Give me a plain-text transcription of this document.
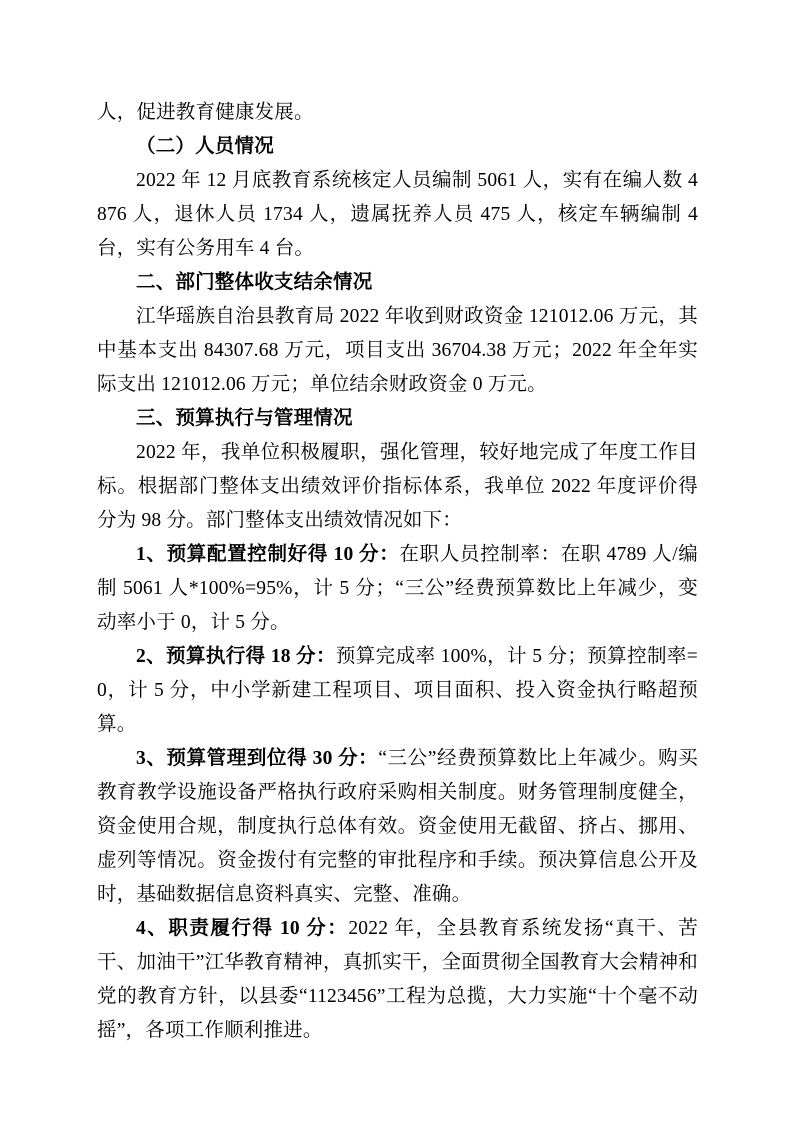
人，促进教育健康发展。

（二）人员情况

2022 年 12 月底教育系统核定人员编制 5061 人，实有在编人数 4876 人，退休人员 1734 人，遗属抚养人员 475 人，核定车辆编制 4 台，实有公务用车 4 台。

二、部门整体收支结余情况

江华瑶族自治县教育局 2022 年收到财政资金 121012.06 万元，其中基本支出 84307.68 万元，项目支出 36704.38 万元；2022 年全年实际支出 121012.06 万元；单位结余财政资金 0 万元。

三、预算执行与管理情况

2022 年，我单位积极履职，强化管理，较好地完成了年度工作目标。根据部门整体支出绩效评价指标体系，我单位 2022 年度评价得分为 98 分。部门整体支出绩效情况如下：

1、预算配置控制好得 10 分：在职人员控制率：在职 4789 人/编制 5061 人*100%=95%，计 5 分；“三公”经费预算数比上年减少，变动率小于 0，计 5 分。

2、预算执行得 18 分：预算完成率 100%，计 5 分；预算控制率=0，计 5 分，中小学新建工程项目、项目面积、投入资金执行略超预算。

3、预算管理到位得 30 分：“三公”经费预算数比上年减少。购买教育教学设施设备严格执行政府采购相关制度。财务管理制度健全，资金使用合规，制度执行总体有效。资金使用无截留、挤占、挪用、虚列等情况。资金拨付有完整的审批程序和手续。预决算信息公开及时，基础数据信息资料真实、完整、准确。

4、职责履行得 10 分：2022 年，全县教育系统发扬“真干、苦干、加油干”江华教育精神，真抓实干，全面贯彻全国教育大会精神和党的教育方针，以县委“1123456”工程为总揽，大力实施“十个毫不动摇”，各项工作顺利推进。
